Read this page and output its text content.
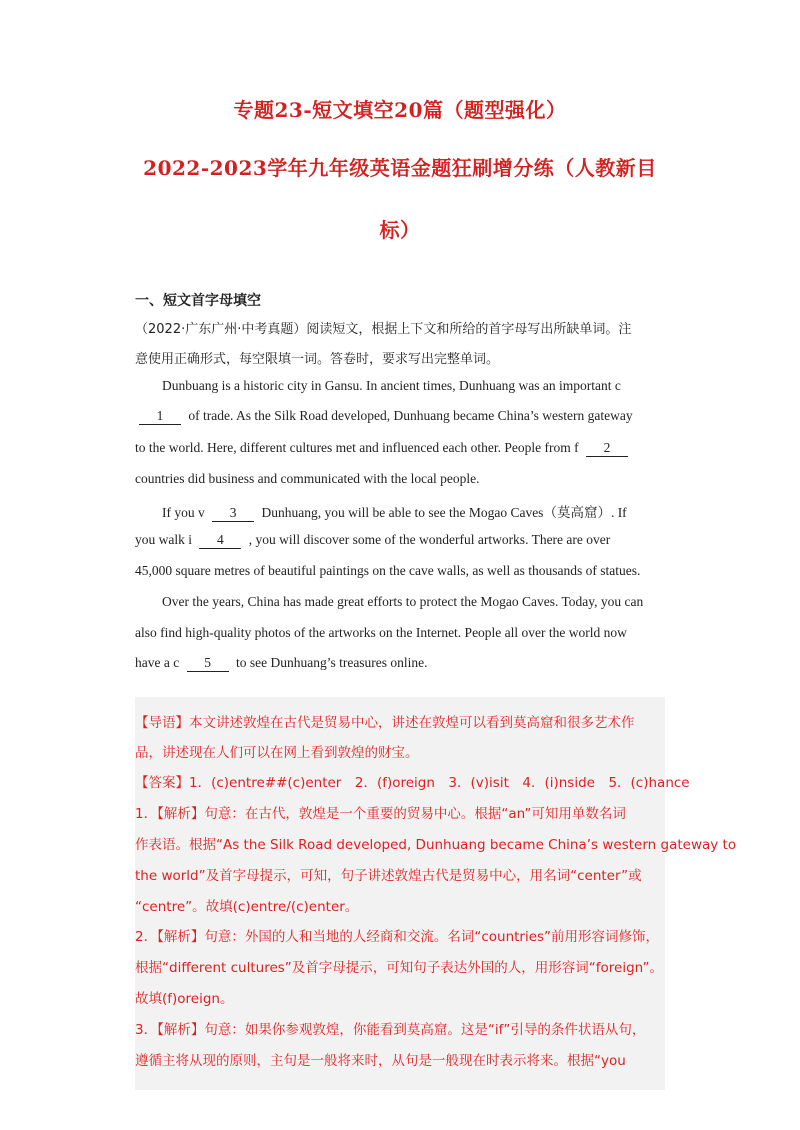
专题23-短文填空20篇（题型强化）
2022-2023学年九年级英语金题狂刷增分练（人教新目
标）
一、短文首字母填空
（2022·广东广州·中考真题）阅读短文，根据上下文和所给的首字母写出所缺单词。注
意使用正确形式，每空限填一词。答卷时，要求写出完整单词。
Dunbuang is a historic city in Gansu. In ancient times, Dunhuang was an important c
1 of trade. As the Silk Road developed, Dunhuang became China’s western gateway
to the world. Here, different cultures met and influenced each other. People from f 2
countries did business and communicated with the local people.
If you v 3 Dunhuang, you will be able to see the Mogao Caves（莫高窟）. If
you walk i 4 , you will discover some of the wonderful artworks. There are over
45,000 square metres of beautiful paintings on the cave walls, as well as thousands of statues.
Over the years, China has made great efforts to protect the Mogao Caves. Today, you can
also find high-quality photos of the artworks on the Internet. People all over the world now
have a c 5 to see Dunhuang’s treasures online.
【导语】本文讲述敦煌在古代是贸易中心，讲述在敦煌可以看到莫高窟和很多艺术作
品，讲述现在人们可以在网上看到敦煌的财宝。
【答案】1．(c)entre##(c)enter　2．(f)oreign　3．(v)isit　4．(i)nside　5．(c)hance
1．【解析】句意：在古代，敦煌是一个重要的贸易中心。根据“an”可知用单数名词
作表语。根据“As the Silk Road developed, Dunhuang became China’s western gateway to
the world”及首字母提示，可知，句子讲述敦煌古代是贸易中心，用名词“center”或
“centre”。故填(c)entre/(c)enter。
2．【解析】句意：外国的人和当地的人经商和交流。名词“countries”前用形容词修饰，
根据“different cultures”及首字母提示，可知句子表达外国的人，用形容词“foreign”。
故填(f)oreign。
3．【解析】句意：如果你参观敦煌，你能看到莫高窟。这是“if”引导的条件状语从句，
遵循主将从现的原则，主句是一般将来时，从句是一般现在时表示将来。根据“you
